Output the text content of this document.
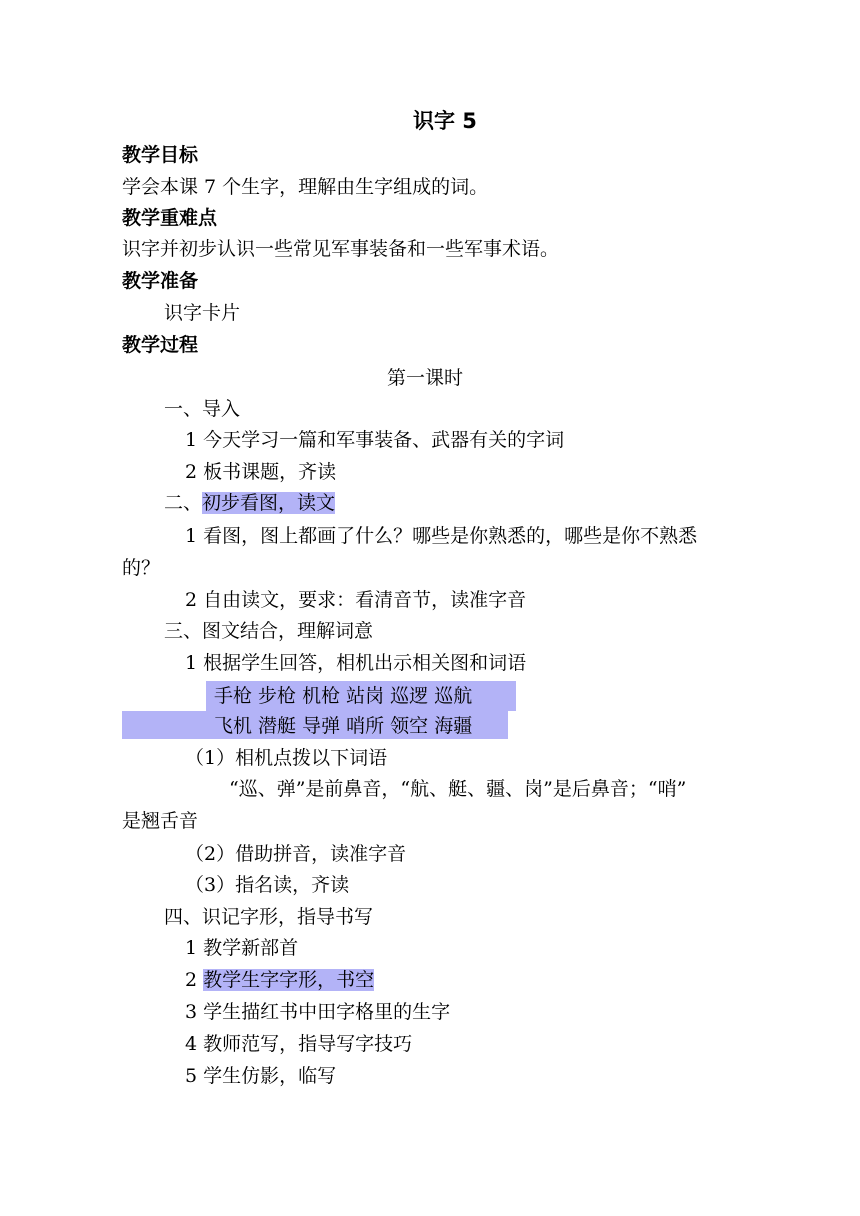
识字 5
教学目标
学会本课 7 个生字，理解由生字组成的词。
教学重难点
识字并初步认识一些常见军事装备和一些军事术语。
教学准备
识字卡片
教学过程
第一课时
一、导入
1 今天学习一篇和军事装备、武器有关的字词
2 板书课题，齐读
二、初步看图，读文
1 看图，图上都画了什么？哪些是你熟悉的，哪些是你不熟悉
的？
2 自由读文，要求：看清音节，读准字音
三、图文结合，理解词意
1 根据学生回答，相机出示相关图和词语
手枪 步枪 机枪 站岗 巡逻 巡航
飞机 潜艇 导弹 哨所 领空 海疆
（1）相机点拨以下词语
“巡、弹”是前鼻音，“航、艇、疆、岗”是后鼻音；“哨”
是翘舌音
（2）借助拼音，读准字音
（3）指名读，齐读
四、识记字形，指导书写
1 教学新部首
2 教学生字字形，书空
3 学生描红书中田字格里的生字
4 教师范写，指导写字技巧
5 学生仿影，临写
